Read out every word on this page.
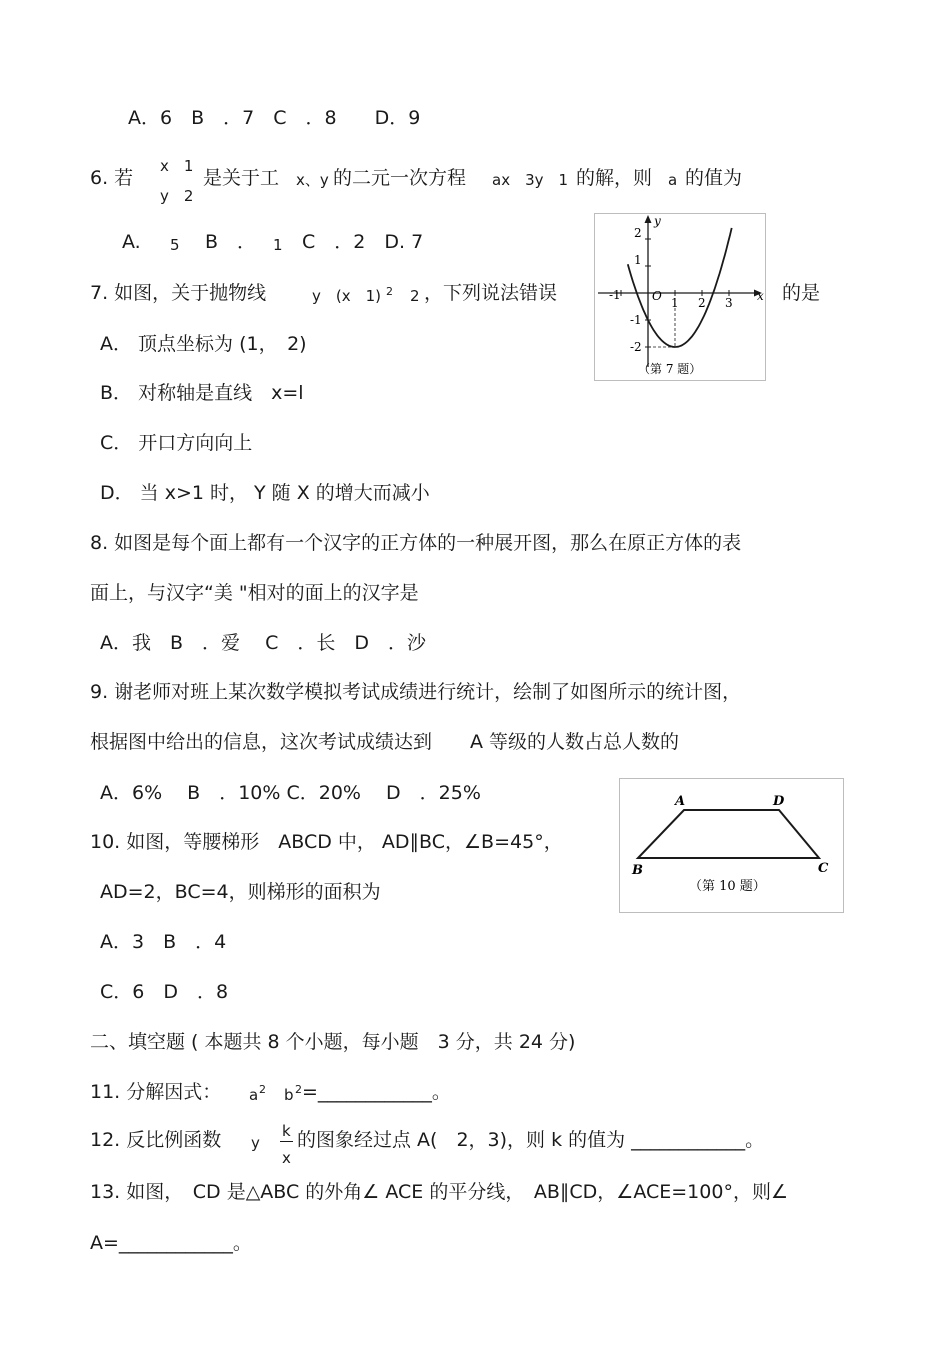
A．6　B　．7　C　．8　　D．9
6. 若
x　1
y　2
是关于工 x、y 的二元一次方程 ax　3y　1 的解，则 a 的值为
A. 5 B　． 1 C　．2　D. 7
7. 如图，关于抛物线	y　(x　1) 2 2 ，下列说法错误	的是
A． 顶点坐标为 (1，　2)
B． 对称轴是直线　x=l
C． 开口方向向上
D． 当 x>1 时， Y 随 X 的增大而减小
-1	O 1 2 3 x
2
1
-1
-2
y
（第 7 题）
8. 如图是每个面上都有一个汉字的正方体的一种展开图，那么在原正方体的表
面上，与汉字“美 "相对的面上的汉字是
A．我　B　．爱　 C　．长　D　．沙
9. 谢老师对班上某次数学模拟考试成绩进行统计，绘制了如图所示的统计图，
根据图中给出的信息，这次考试成绩达到　　A 等级的人数占总人数的
A．6%　 B　．10% C．20%　 D　．25%
10. 如图，等腰梯形　ABCD 中， AD∥BC，∠B=45°，
AD=2，BC=4，则梯形的面积为
A．3　B　．4
C．6　D　．8
A	D
B	C
（第 10 题）
二、填空题 ( 本题共 8 个小题，每小题　3 分，共 24 分)
11. 分解因式： a 2 b 2 =____________。
12. 反比例函数 y
k
x
的图象经过点 A(　2，3)，则 k 的值为 ____________。
13. 如图，　CD 是△ABC 的外角∠ ACE 的平分线，　AB∥CD，∠ACE=100°，则∠
A=____________。
